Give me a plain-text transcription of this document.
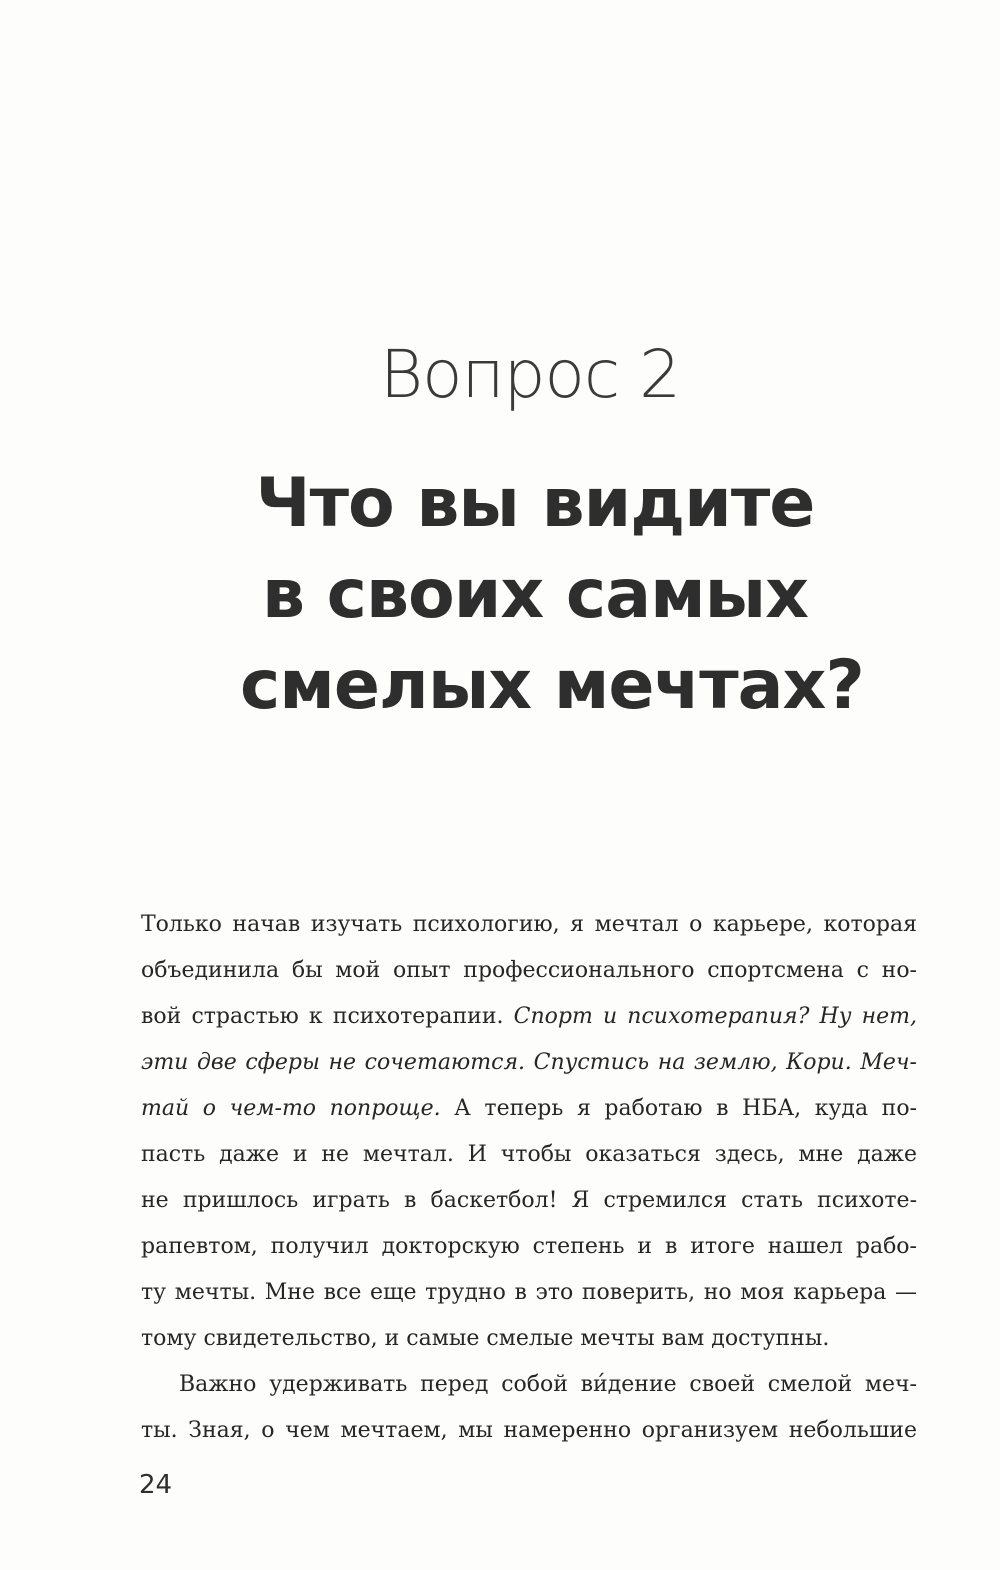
Вопрос 2
Что вы видите
в своих самых
смелых мечтах?
Только начав изучать психологию, я мечтал о карьере, которая
объединила бы мой опыт профессионального спортсмена с но-
вой страстью к психотерапии. Спорт и психотерапия? Ну нет,
эти две сферы не сочетаются. Спустись на землю, Кори. Меч-
тай о чем-то попроще. А теперь я работаю в НБА, куда по-
пасть даже и не мечтал. И чтобы оказаться здесь, мне даже
не пришлось играть в баскетбол! Я стремился стать психоте-
рапевтом, получил докторскую степень и в итоге нашел рабо-
ту мечты. Мне все еще трудно в это поверить, но моя карьера —
тому свидетельство, и самые смелые мечты вам доступны.
Важно удерживать перед собой ви́дение своей смелой меч-
ты. Зная, о чем мечтаем, мы намеренно организуем небольшие
24
